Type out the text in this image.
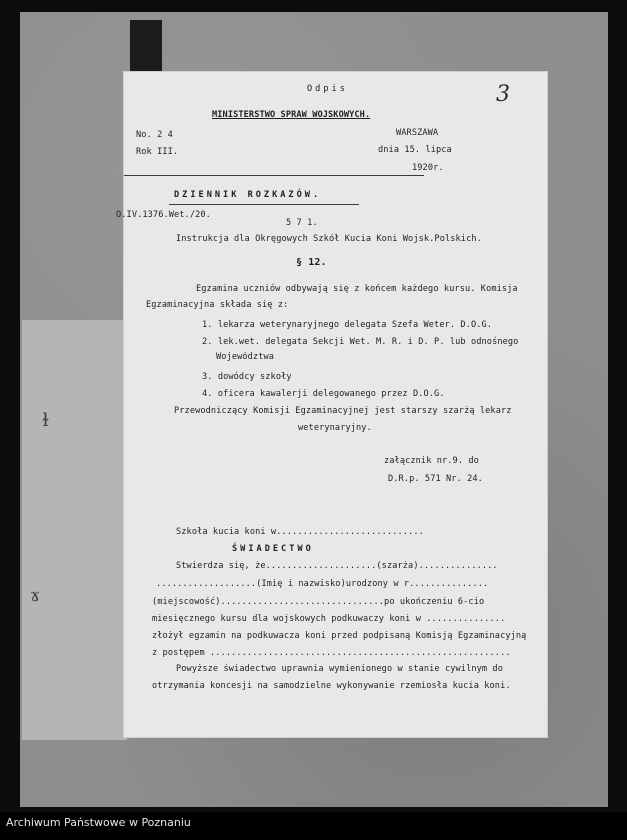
ɫ
ɤ
Odpis	3
MINISTERSTWO SPRAW WOJSKOWYCH.
No. 2 4
Rok III.
WARSZAWA
dnia 15. lipca
1920r.
DZIENNIK ROZKAZÓW.
O.IV.1376.Wet./20.
5 7 1.
Instrukcja dla Okręgowych Szkół Kucia Koni Wojsk.Polskich.
§ 12.
Egzamina uczniów odbywają się z końcem każdego kursu. Komisja
Egzaminacyjna składa się z:
1. lekarza weterynaryjnego delegata Szefa Weter. D.O.G.
2. lek.wet. delegata Sekcji Wet. M. R. i D. P. lub odnośnego
Województwa
3. dowódcy szkoły
4. oficera kawalerji delegowanego przez D.O.G.
Przewodniczący Komisji Egzaminacyjnej jest starszy szarżą lekarz
weterynaryjny.
załącznik nr.9. do
D.R.p. 571 Nr. 24.
Szkoła kucia koni w............................
ŚWIADECTWO
Stwierdza się, że.....................(szarża)...............
...................(Imię i nazwisko)urodzony w r...............
(miejscowość)...............................po ukończeniu 6-cio
miesięcznego kursu dla wojskowych podkuwaczy koni w ...............
złożył egzamin na podkuwacza koni przed podpisaną Komisją Egzaminacyjną
z postępem .........................................................
Powyższe świadectwo uprawnia wymienionego w stanie cywilnym do
otrzymania koncesji na samodzielne wykonywanie rzemiosła kucia koni.
Archiwum Państwowe w Poznaniu
